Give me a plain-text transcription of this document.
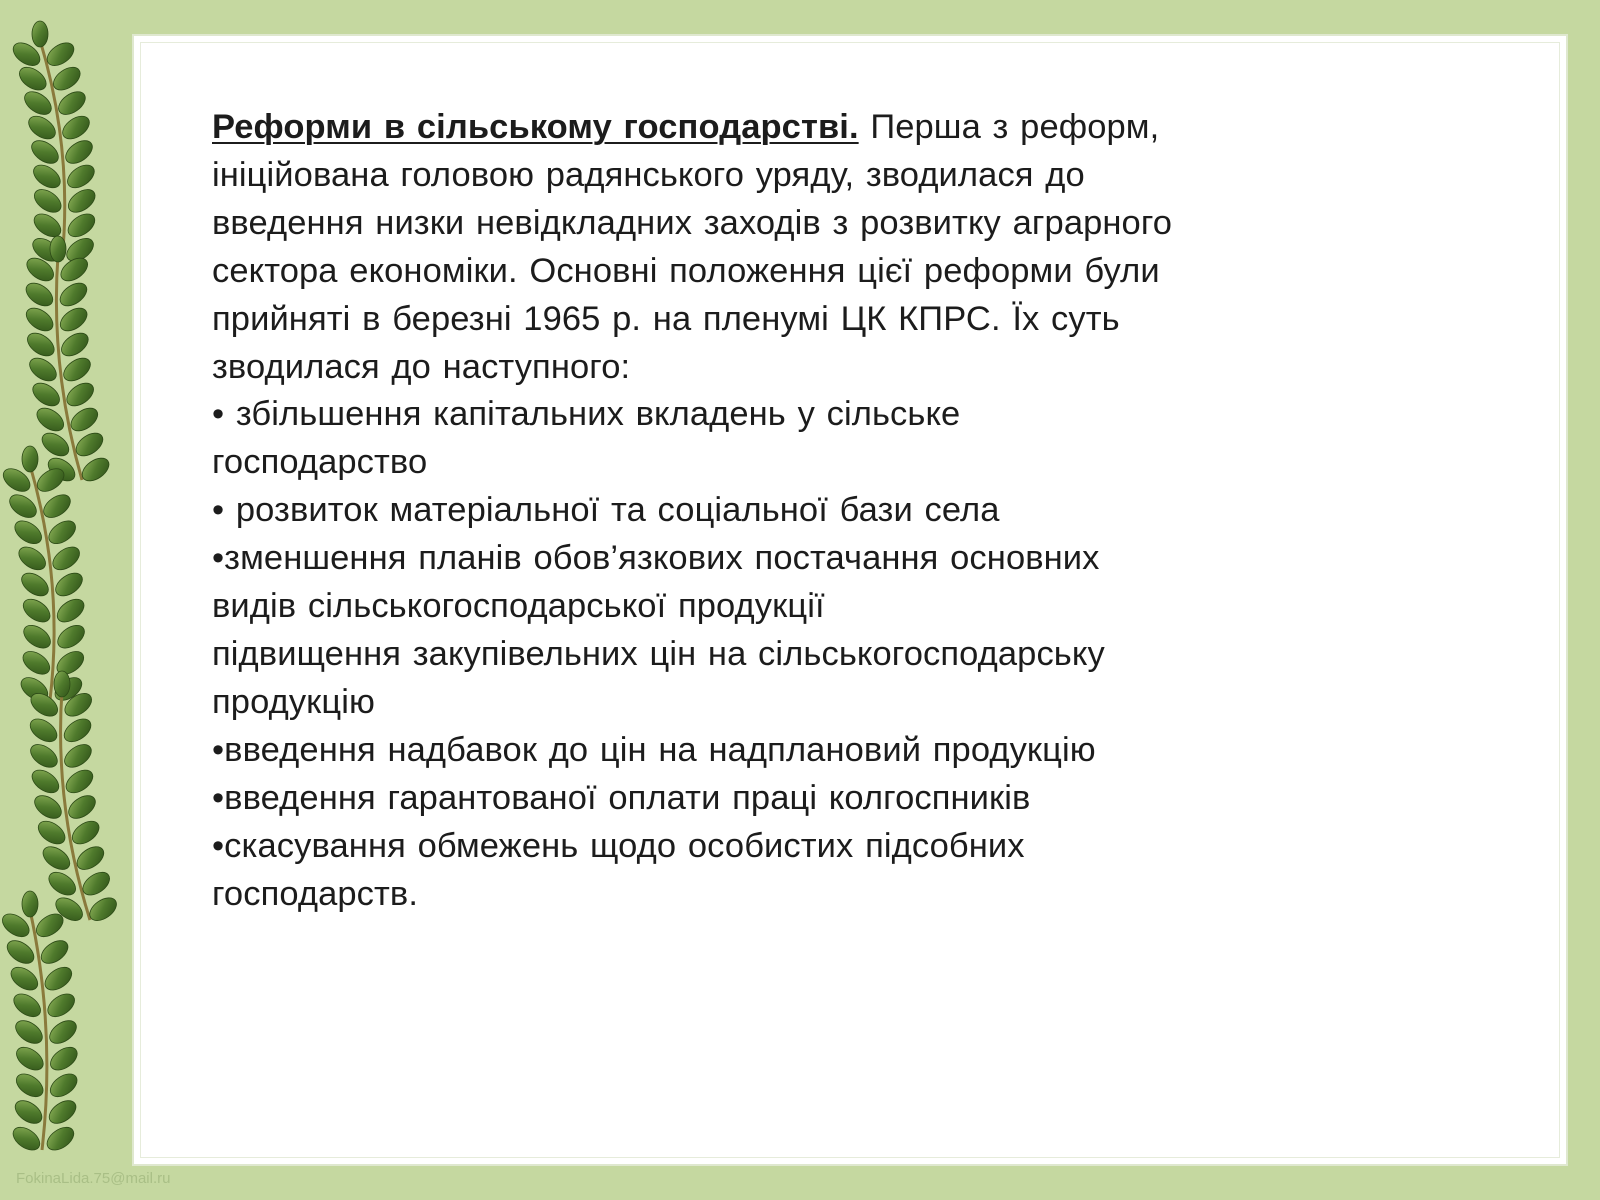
Реформи в сільському господарстві. Перша з реформ,

ініційована головою радянського уряду, зводилася до

введення низки невідкладних заходів з розвитку аграрного

сектора економіки. Основні положення цієї реформи були

прийняті в березні 1965 р. на пленумі ЦК КПРС. Їх суть

зводилася до наступного:

• збільшення капітальних вкладень у сільське

господарство

• розвиток матеріальної та соціальної бази села

•зменшення планів обов’язкових постачання основних

видів сільськогосподарської продукції

підвищення закупівельних цін на сільськогосподарську

продукцію

•введення надбавок до цін на надплановий продукцію

•введення гарантованої оплати праці колгоспників

•скасування обмежень щодо особистих підсобних

господарств.

FokinaLida.75@mail.ru
